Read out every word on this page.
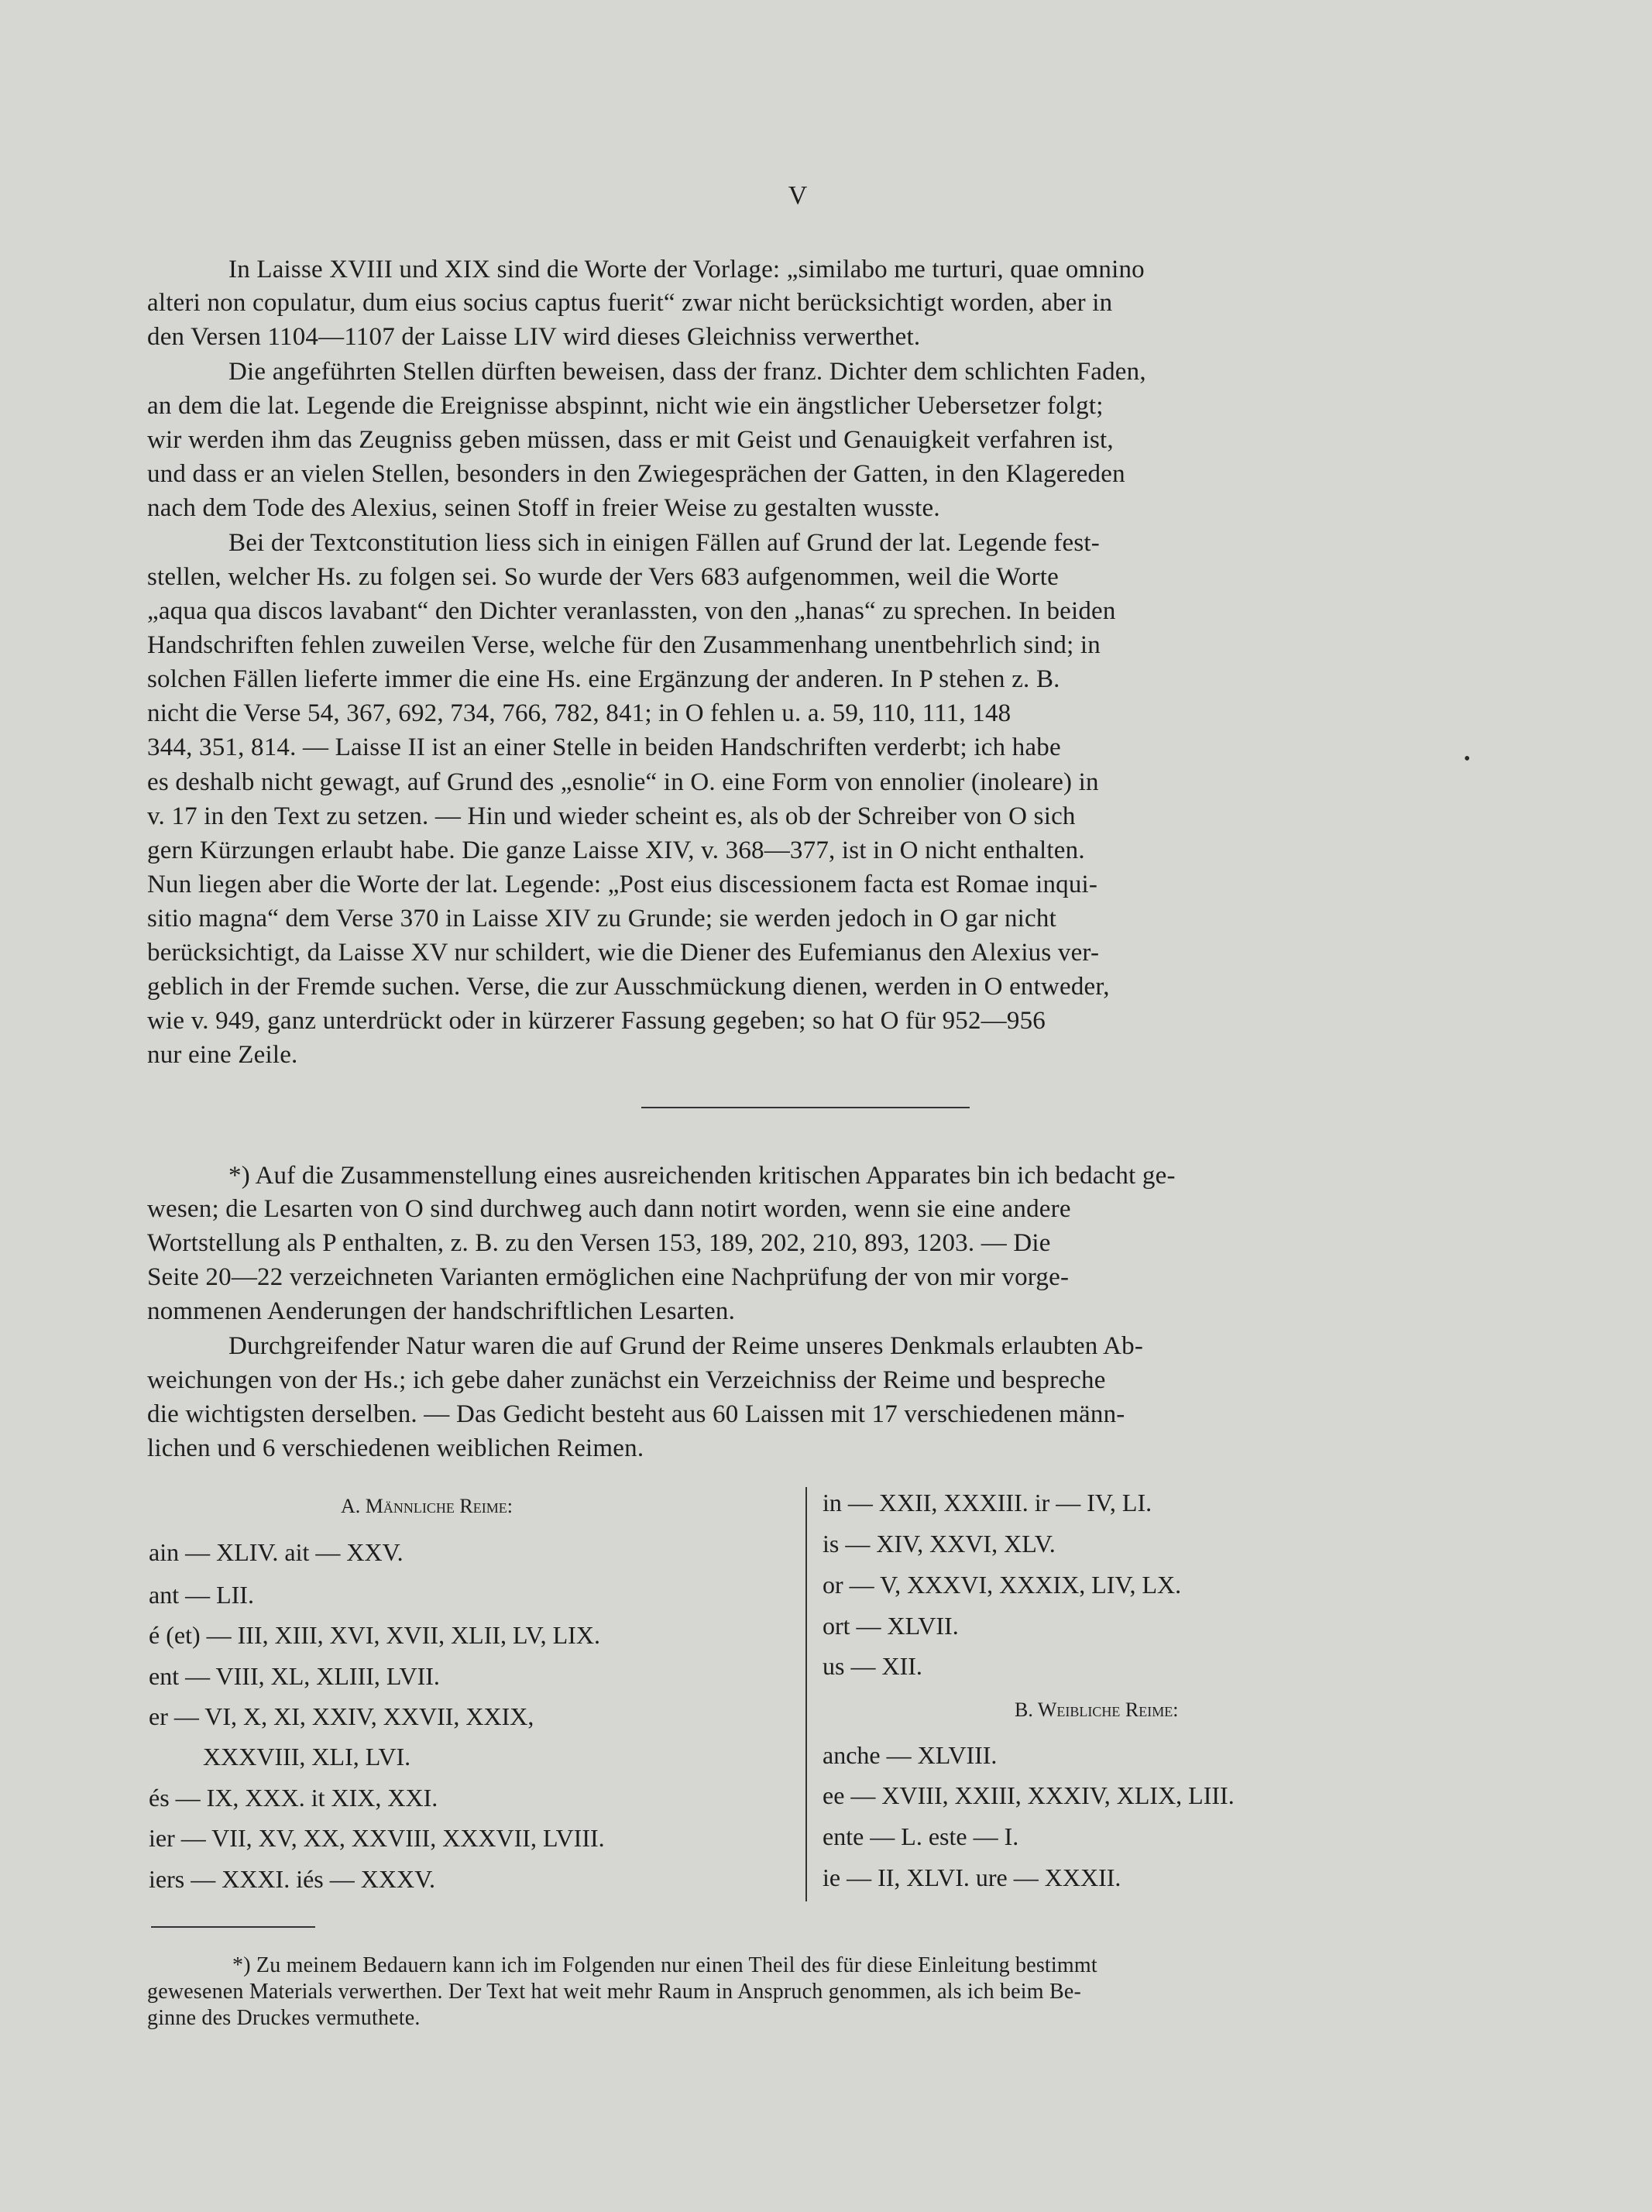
V
In Laisse XVIII und XIX sind die Worte der Vorlage: „similabo me turturi, quae omnino
alteri non copulatur, dum eius socius captus fuerit“ zwar nicht berücksichtigt worden, aber in
den Versen 1104—1107 der Laisse LIV wird dieses Gleichniss verwerthet.
Die angeführten Stellen dürften beweisen, dass der franz. Dichter dem schlichten Faden,
an dem die lat. Legende die Ereignisse abspinnt, nicht wie ein ängstlicher Uebersetzer folgt;
wir werden ihm das Zeugniss geben müssen, dass er mit Geist und Genauigkeit verfahren ist,
und dass er an vielen Stellen, besonders in den Zwiegesprächen der Gatten, in den Klagereden
nach dem Tode des Alexius, seinen Stoff in freier Weise zu gestalten wusste.
Bei der Textconstitution liess sich in einigen Fällen auf Grund der lat. Legende fest-
stellen, welcher Hs. zu folgen sei. So wurde der Vers 683 aufgenommen, weil die Worte
„aqua qua discos lavabant“ den Dichter veranlassten, von den „hanas“ zu sprechen. In beiden
Handschriften fehlen zuweilen Verse, welche für den Zusammenhang unentbehrlich sind; in
solchen Fällen lieferte immer die eine Hs. eine Ergänzung der anderen. In P stehen z. B.
nicht die Verse 54, 367, 692, 734, 766, 782, 841; in O fehlen u. a. 59, 110, 111, 148
344, 351, 814. — Laisse II ist an einer Stelle in beiden Handschriften verderbt; ich habe
es deshalb nicht gewagt, auf Grund des „esnolie“ in O. eine Form von ennolier (inoleare) in
v. 17 in den Text zu setzen. — Hin und wieder scheint es, als ob der Schreiber von O sich
gern Kürzungen erlaubt habe. Die ganze Laisse XIV, v. 368—377, ist in O nicht enthalten.
Nun liegen aber die Worte der lat. Legende: „Post eius discessionem facta est Romae inqui-
sitio magna“ dem Verse 370 in Laisse XIV zu Grunde; sie werden jedoch in O gar nicht
berücksichtigt, da Laisse XV nur schildert, wie die Diener des Eufemianus den Alexius ver-
geblich in der Fremde suchen. Verse, die zur Ausschmückung dienen, werden in O entweder,
wie v. 949, ganz unterdrückt oder in kürzerer Fassung gegeben; so hat O für 952—956
nur eine Zeile.
*) Auf die Zusammenstellung eines ausreichenden kritischen Apparates bin ich bedacht ge-
wesen; die Lesarten von O sind durchweg auch dann notirt worden, wenn sie eine andere
Wortstellung als P enthalten, z. B. zu den Versen 153, 189, 202, 210, 893, 1203. — Die
Seite 20—22 verzeichneten Varianten ermöglichen eine Nachprüfung der von mir vorge-
nommenen Aenderungen der handschriftlichen Lesarten.
Durchgreifender Natur waren die auf Grund der Reime unseres Denkmals erlaubten Ab-
weichungen von der Hs.; ich gebe daher zunächst ein Verzeichniss der Reime und bespreche
die wichtigsten derselben. — Das Gedicht besteht aus 60 Laissen mit 17 verschiedenen männ-
lichen und 6 verschiedenen weiblichen Reimen.
A. Männliche Reime:
ain — XLIV. ait — XXV.
ant — LII.
é (et) — III, XIII, XVI, XVII, XLII, LV, LIX.
ent — VIII, XL, XLIII, LVII.
er — VI, X, XI, XXIV, XXVII, XXIX,
XXXVIII, XLI, LVI.
és — IX, XXX. it XIX, XXI.
ier — VII, XV, XX, XXVIII, XXXVII, LVIII.
iers — XXXI. iés — XXXV.
in — XXII, XXXIII. ir — IV, LI.
is — XIV, XXVI, XLV.
or — V, XXXVI, XXXIX, LIV, LX.
ort — XLVII.
us — XII.
B. Weibliche Reime:
anche — XLVIII.
ee — XVIII, XXIII, XXXIV, XLIX, LIII.
ente — L. este — I.
ie — II, XLVI. ure — XXXII.
*) Zu meinem Bedauern kann ich im Folgenden nur einen Theil des für diese Einleitung bestimmt
gewesenen Materials verwerthen. Der Text hat weit mehr Raum in Anspruch genommen, als ich beim Be-
ginne des Druckes vermuthete.
•
